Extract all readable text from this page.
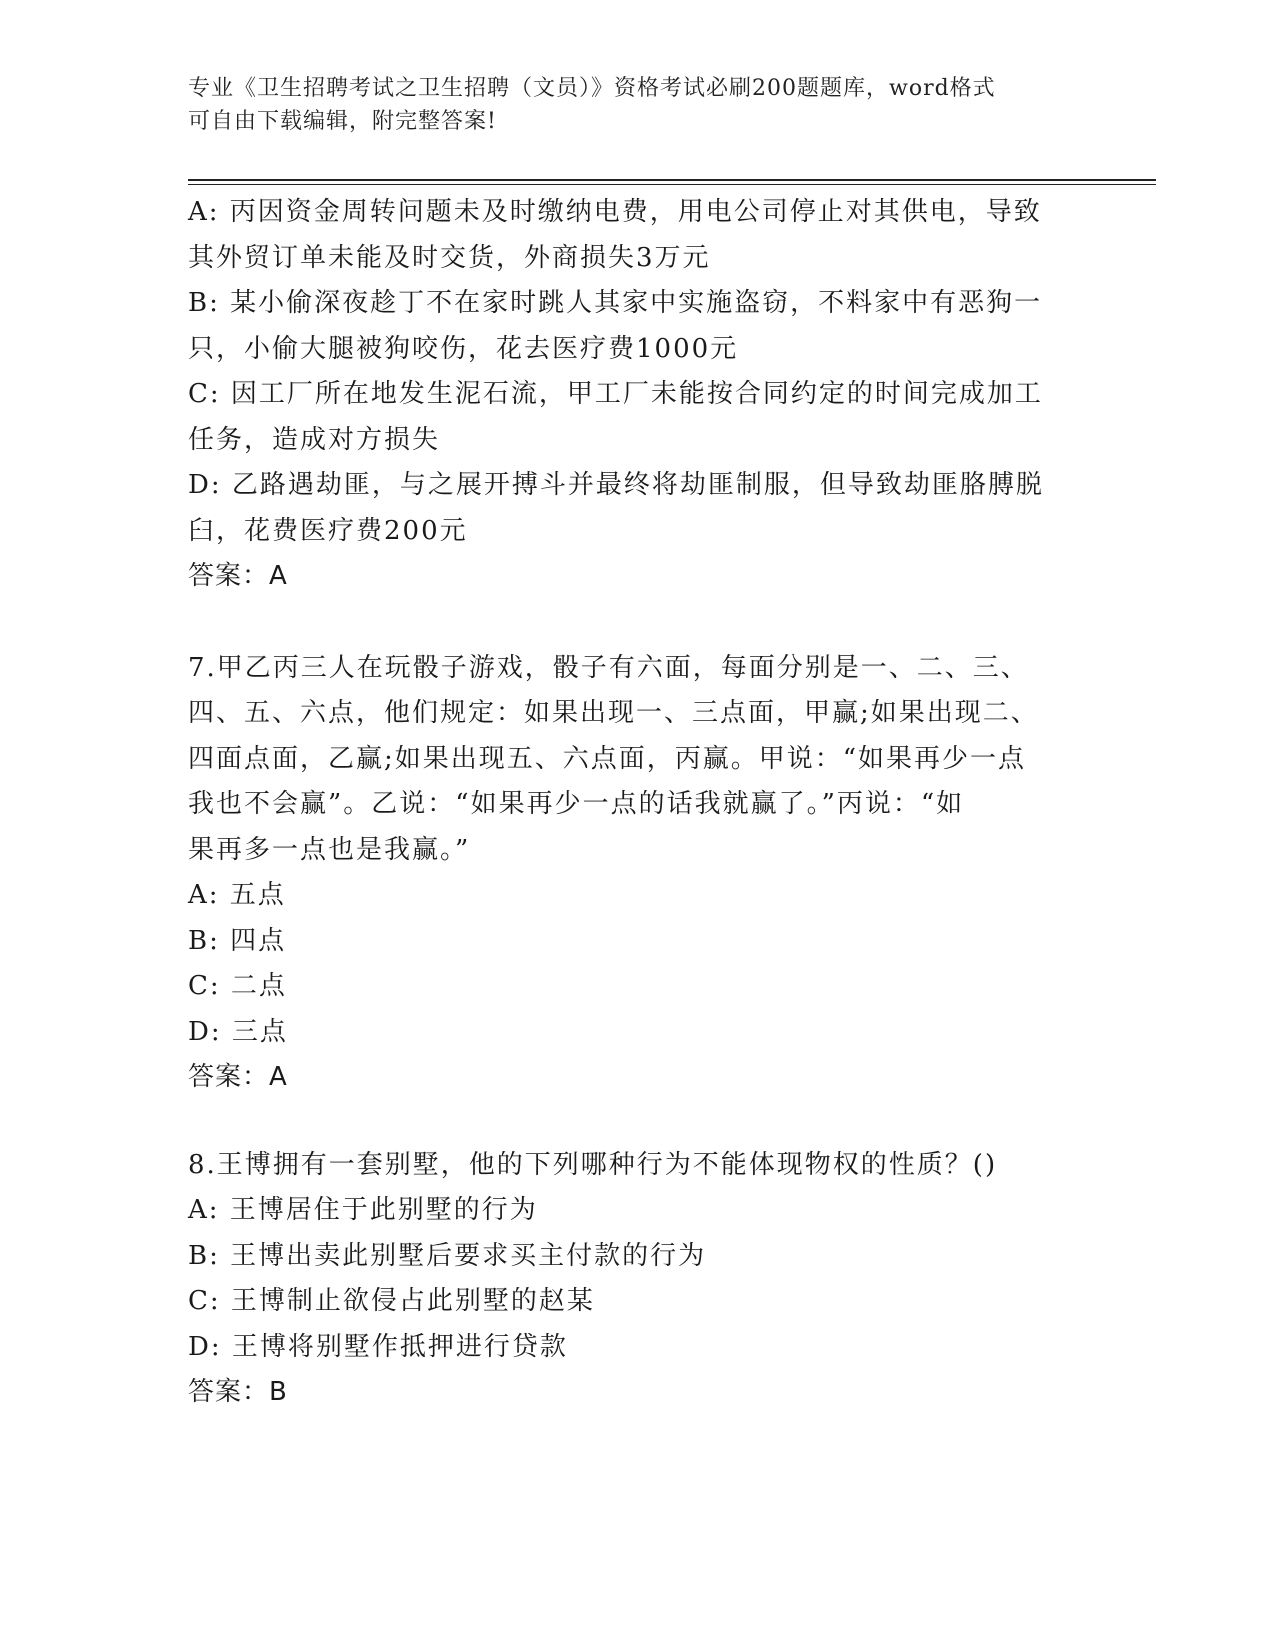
专业《卫生招聘考试之卫生招聘（文员）》资格考试必刷200题题库，word格式
可自由下载编辑，附完整答案!
A: 丙因资金周转问题未及时缴纳电费，用电公司停止对其供电，导致
其外贸订单未能及时交货，外商损失3万元
B: 某小偷深夜趁丁不在家时跳人其家中实施盗窃，不料家中有恶狗一
只，小偷大腿被狗咬伤，花去医疗费1000元
C: 因工厂所在地发生泥石流，甲工厂未能按合同约定的时间完成加工
任务，造成对方损失
D: 乙路遇劫匪，与之展开搏斗并最终将劫匪制服，但导致劫匪胳膊脱
臼，花费医疗费200元
答案：A
7.甲乙丙三人在玩骰子游戏，骰子有六面，每面分别是一、二、三、
四、五、六点，他们规定：如果出现一、三点面，甲赢;如果出现二、
四面点面，乙赢;如果出现五、六点面，丙赢。甲说：“如果再少一点
我也不会赢”。乙说：“如果再少一点的话我就赢了。”丙说：“如
果再多一点也是我赢。”
A: 五点
B: 四点
C: 二点
D: 三点
答案：A
8.王博拥有一套别墅，他的下列哪种行为不能体现物权的性质？()
A: 王博居住于此别墅的行为
B: 王博出卖此别墅后要求买主付款的行为
C: 王博制止欲侵占此别墅的赵某
D: 王博将别墅作抵押进行贷款
答案：B
